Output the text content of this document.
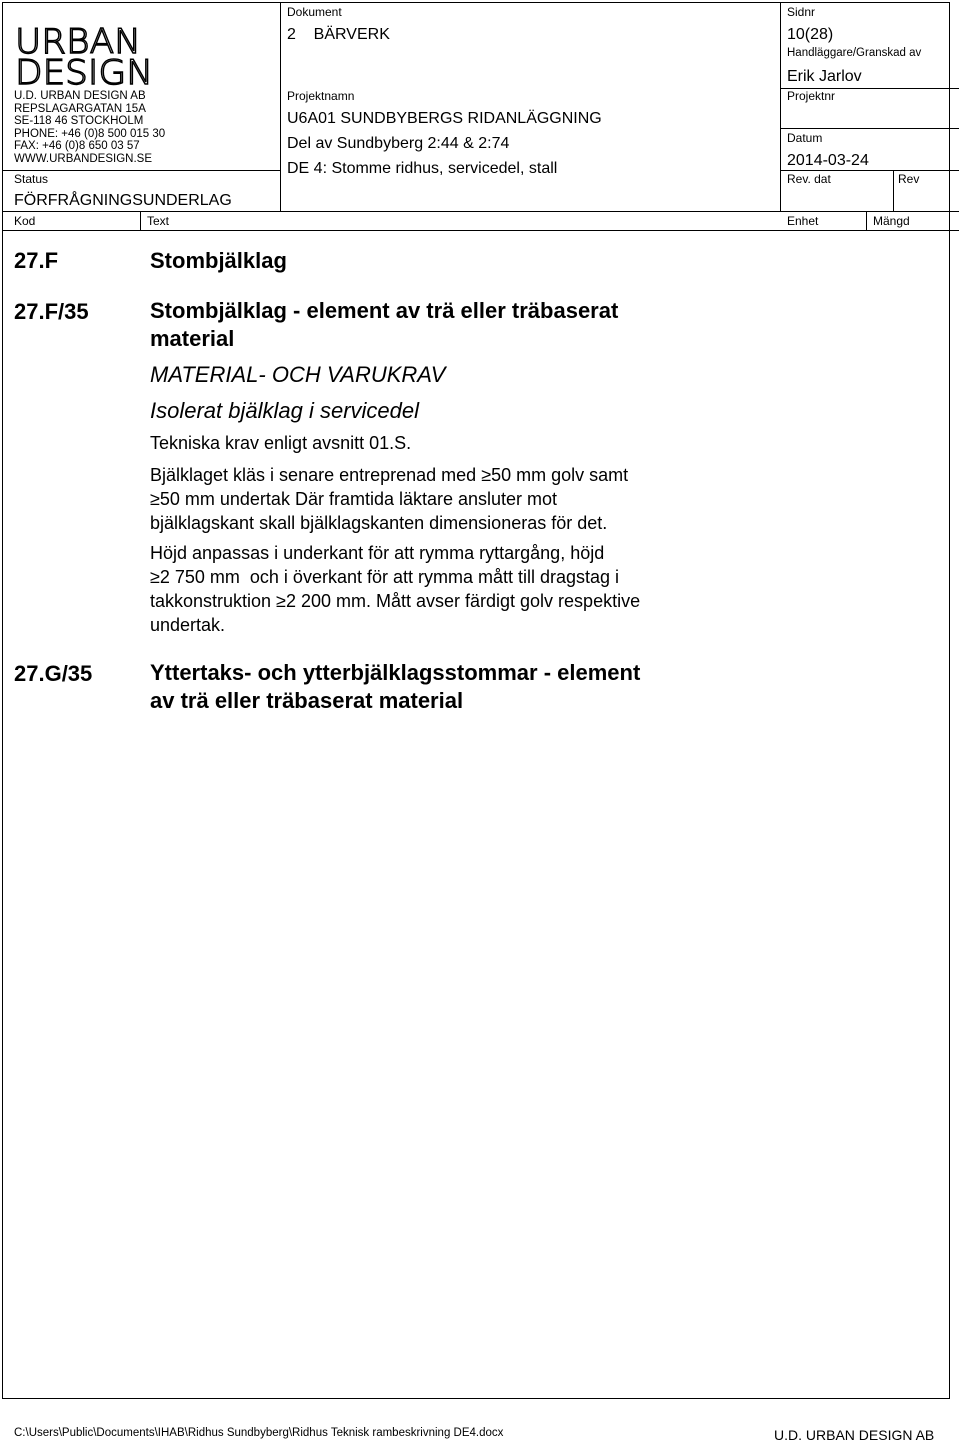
URBAN
DESIGN
U.D. URBAN DESIGN AB
REPSLAGARGATAN 15A
SE-118 46 STOCKHOLM
PHONE: +46 (0)8 500 015 30
FAX: +46 (0)8 650 03 57
WWW.URBANDESIGN.SE
Status
FÖRFRÅGNINGSUNDERLAG
Dokument
2    BÄRVERK
Projektnamn
U6A01 SUNDBYBERGS RIDANLÄGGNING
Del av Sundbyberg 2:44 & 2:74
DE 4: Stomme ridhus, servicedel, stall
Sidnr
10(28)
Handläggare/Granskad av
Erik Jarlov
Projektnr
Datum
2014-03-24
Rev. dat	Rev
Kod	Text	Enhet	Mängd
27.F	Stombjälklag
27.F/35	Stombjälklag - element av trä eller träbaserat
material
MATERIAL- OCH VARUKRAV
Isolerat bjälklag i servicedel
Tekniska krav enligt avsnitt 01.S.
Bjälklaget kläs i senare entreprenad med ≥50 mm golv samt
≥50 mm undertak Där framtida läktare ansluter mot
bjälklagskant skall bjälklagskanten dimensioneras för det.
Höjd anpassas i underkant för att rymma ryttargång, höjd
≥2 750 mm  och i överkant för att rymma mått till dragstag i
takkonstruktion ≥2 200 mm. Mått avser färdigt golv respektive
undertak.
27.G/35	Yttertaks- och ytterbjälklagsstommar - element
av trä eller träbaserat material
C:\Users\Public\Documents\IHAB\Ridhus Sundbyberg\Ridhus Teknisk rambeskrivning DE4.docx	U.D. URBAN DESIGN AB
